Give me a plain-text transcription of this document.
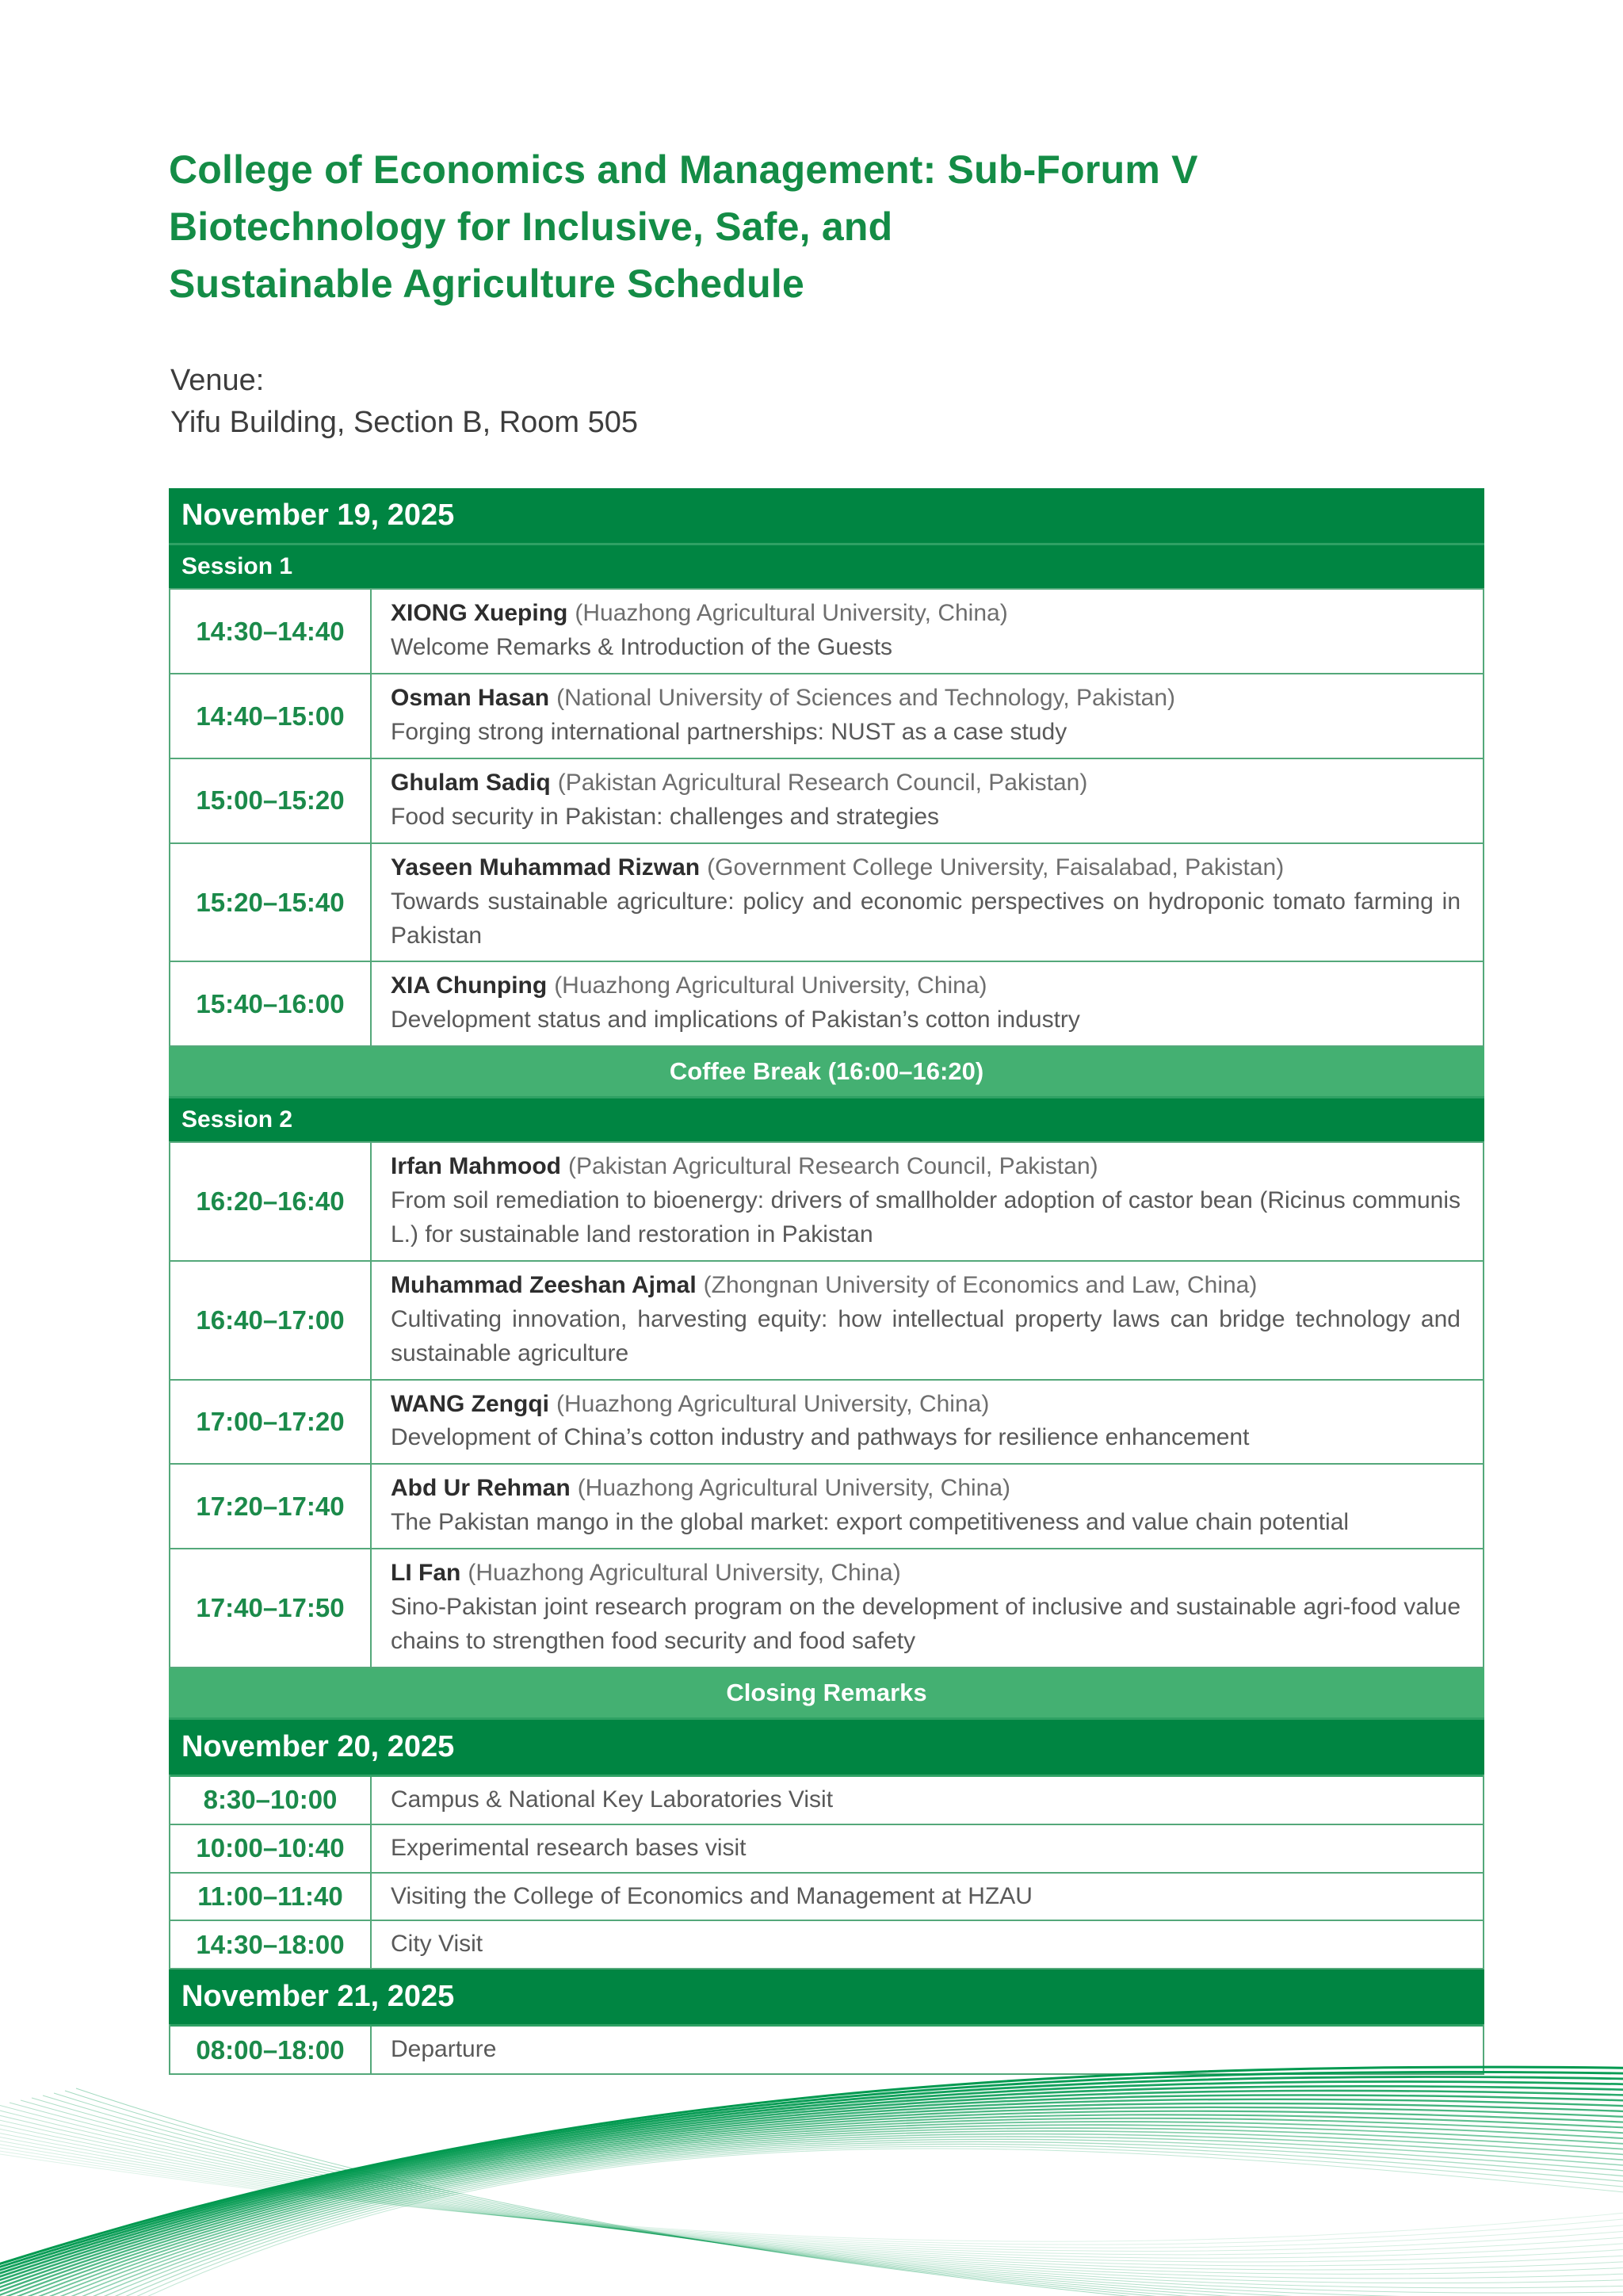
College of Economics and Management: Sub-Forum V
Biotechnology for Inclusive, Safe, and
Sustainable Agriculture Schedule
Venue:
Yifu Building, Section B, Room 505
November 19, 2025
Session 1
14:30–14:40
XIONG Xueping (Huazhong Agricultural University, China)
Welcome Remarks & Introduction of the Guests
14:40–15:00
Osman Hasan (National University of Sciences and Technology, Pakistan)
Forging strong international partnerships: NUST as a case study
15:00–15:20
Ghulam Sadiq (Pakistan Agricultural Research Council, Pakistan)
Food security in Pakistan: challenges and strategies
15:20–15:40
Yaseen Muhammad Rizwan (Government College University, Faisalabad, Pakistan)
Towards sustainable agriculture: policy and economic perspectives on hydroponic tomato farming in Pakistan
15:40–16:00
XIA Chunping (Huazhong Agricultural University, China)
Development status and implications of Pakistan’s cotton industry
Coffee Break (16:00–16:20)
Session 2
16:20–16:40
Irfan Mahmood (Pakistan Agricultural Research Council, Pakistan)
From soil remediation to bioenergy: drivers of smallholder adoption of castor bean (Ricinus communis L.) for sustainable land restoration in Pakistan
16:40–17:00
Muhammad Zeeshan Ajmal (Zhongnan University of Economics and Law, China)
Cultivating innovation, harvesting equity: how intellectual property laws can bridge technology and sustainable agriculture
17:00–17:20
WANG Zengqi (Huazhong Agricultural University, China)
Development of China’s cotton industry and pathways for resilience enhancement
17:20–17:40
Abd Ur Rehman (Huazhong Agricultural University, China)
The Pakistan mango in the global market: export competitiveness and value chain potential
17:40–17:50
LI Fan (Huazhong Agricultural University, China)
Sino-Pakistan joint research program on the development of inclusive and sustainable agri-food value chains to strengthen food security and food safety
Closing Remarks
November 20, 2025
8:30–10:00 Campus & National Key Laboratories Visit
10:00–10:40 Experimental research bases visit
11:00–11:40 Visiting the College of Economics and Management at HZAU
14:30–18:00 City Visit
November 21, 2025
08:00–18:00 Departure
